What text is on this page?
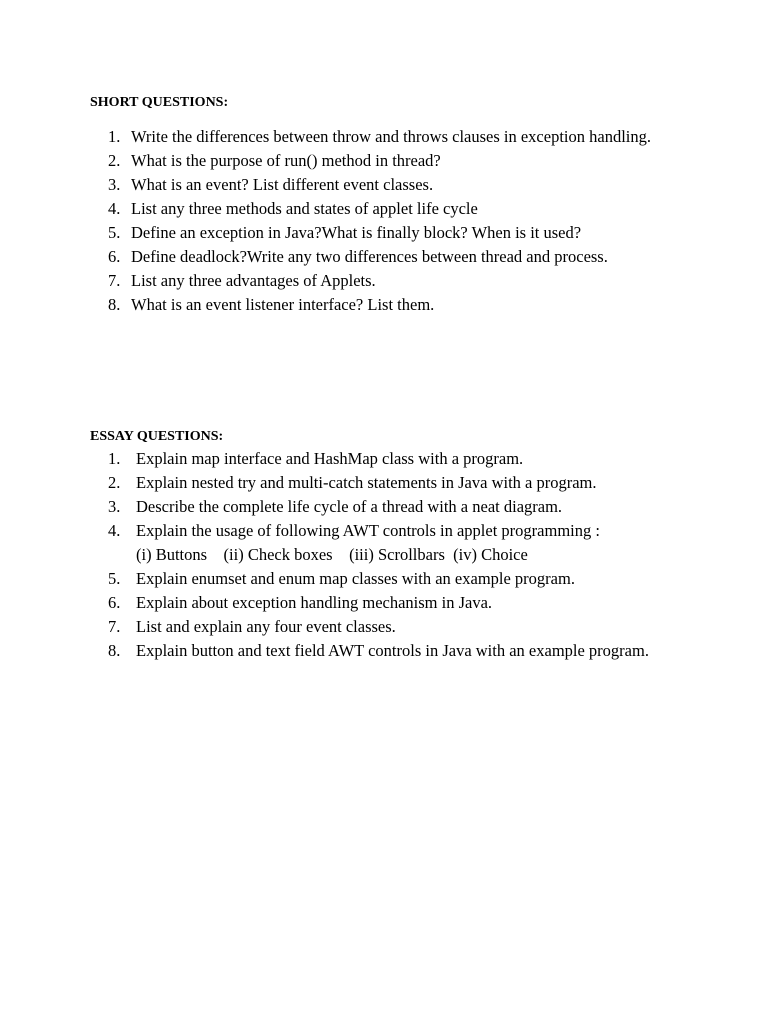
SHORT QUESTIONS:
1. Write the differences between throw and throws clauses in exception handling.
2. What is the purpose of run() method in thread?
3. What is an event? List different event classes.
4. List any three methods and states of applet life cycle
5. Define an exception in Java?What is finally block? When is it used?
6. Define deadlock?Write any two differences between thread and process.
7. List any three advantages of Applets.
8. What is an event listener interface? List them.
ESSAY QUESTIONS:
1. Explain map interface and HashMap class with a program.
2. Explain nested try and multi-catch statements in Java with a program.
3. Describe the complete life cycle of a thread with a neat diagram.
4. Explain the usage of following AWT controls in applet programming :
(i) Buttons    (ii) Check boxes    (iii) Scrollbars  (iv) Choice
5. Explain enumset and enum map classes with an example program.
6. Explain about exception handling mechanism in Java.
7. List and explain any four event classes.
8. Explain button and text field AWT controls in Java with an example program.
